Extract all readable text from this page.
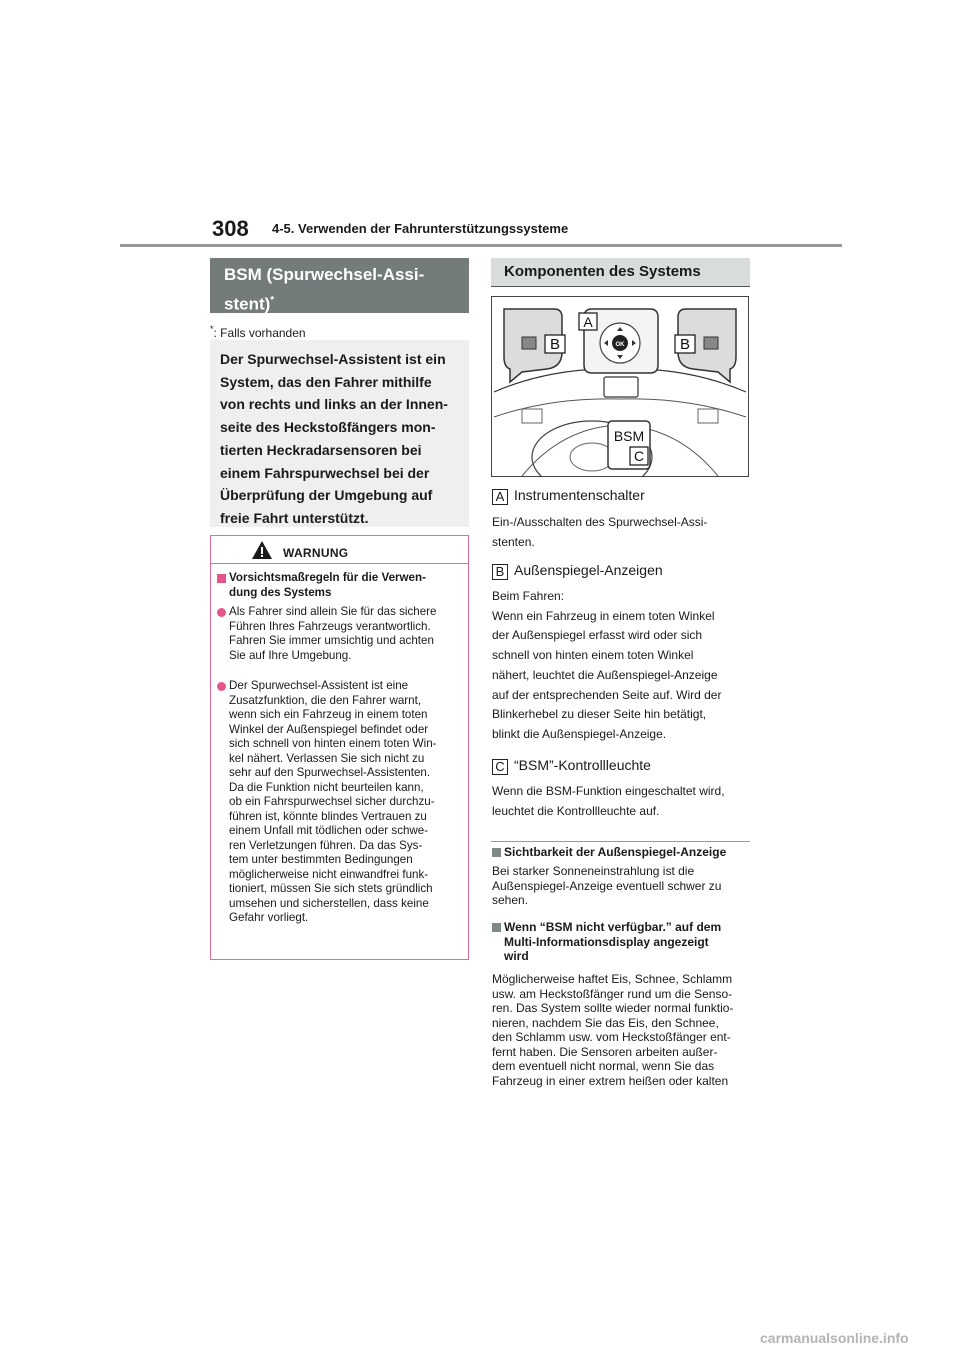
308 4-5. Verwenden der Fahrunterstützungssysteme
BSM (Spurwechsel-Assi-
stent)*
*: Falls vorhanden
Der Spurwechsel-Assistent ist ein
System, das den Fahrer mithilfe
von rechts und links an der Innen-
seite des Heckstoßfängers mon-
tierten Heckradarsensoren bei
einem Fahrspurwechsel bei der
Überprüfung der Umgebung auf
freie Fahrt unterstützt.
WARNUNG
Vorsichtsmaßregeln für die Verwen-
dung des Systems
Als Fahrer sind allein Sie für das sichere
Führen Ihres Fahrzeugs verantwortlich.
Fahren Sie immer umsichtig und achten
Sie auf Ihre Umgebung.
Der Spurwechsel-Assistent ist eine
Zusatzfunktion, die den Fahrer warnt,
wenn sich ein Fahrzeug in einem toten
Winkel der Außenspiegel befindet oder
sich schnell von hinten einem toten Win-
kel nähert. Verlassen Sie sich nicht zu
sehr auf den Spurwechsel-Assistenten.
Da die Funktion nicht beurteilen kann,
ob ein Fahrspurwechsel sicher durchzu-
führen ist, könnte blindes Vertrauen zu
einem Unfall mit tödlichen oder schwe-
ren Verletzungen führen. Da das Sys-
tem unter bestimmten Bedingungen
möglicherweise nicht einwandfrei funk-
tioniert, müssen Sie sich stets gründlich
umsehen und sicherstellen, dass keine
Gefahr vorliegt.
Komponenten des Systems
OK
BSM
A
B	B
C
A Instrumentenschalter
Ein-/Ausschalten des Spurwechsel-Assi-
stenten.
B Außenspiegel-Anzeigen
Beim Fahren:
Wenn ein Fahrzeug in einem toten Winkel
der Außenspiegel erfasst wird oder sich
schnell von hinten einem toten Winkel
nähert, leuchtet die Außenspiegel-Anzeige
auf der entsprechenden Seite auf. Wird der
Blinkerhebel zu dieser Seite hin betätigt,
blinkt die Außenspiegel-Anzeige.
C “BSM”-Kontrollleuchte
Wenn die BSM-Funktion eingeschaltet wird,
leuchtet die Kontrollleuchte auf.
Sichtbarkeit der Außenspiegel-Anzeige
Bei starker Sonneneinstrahlung ist die
Außenspiegel-Anzeige eventuell schwer zu
sehen.
Wenn “BSM nicht verfügbar.” auf dem
Multi-Informationsdisplay angezeigt
wird
Möglicherweise haftet Eis, Schnee, Schlamm
usw. am Heckstoßfänger rund um die Senso-
ren. Das System sollte wieder normal funktio-
nieren, nachdem Sie das Eis, den Schnee,
den Schlamm usw. vom Heckstoßfänger ent-
fernt haben. Die Sensoren arbeiten außer-
dem eventuell nicht normal, wenn Sie das
Fahrzeug in einer extrem heißen oder kalten
carmanualsonline.info
